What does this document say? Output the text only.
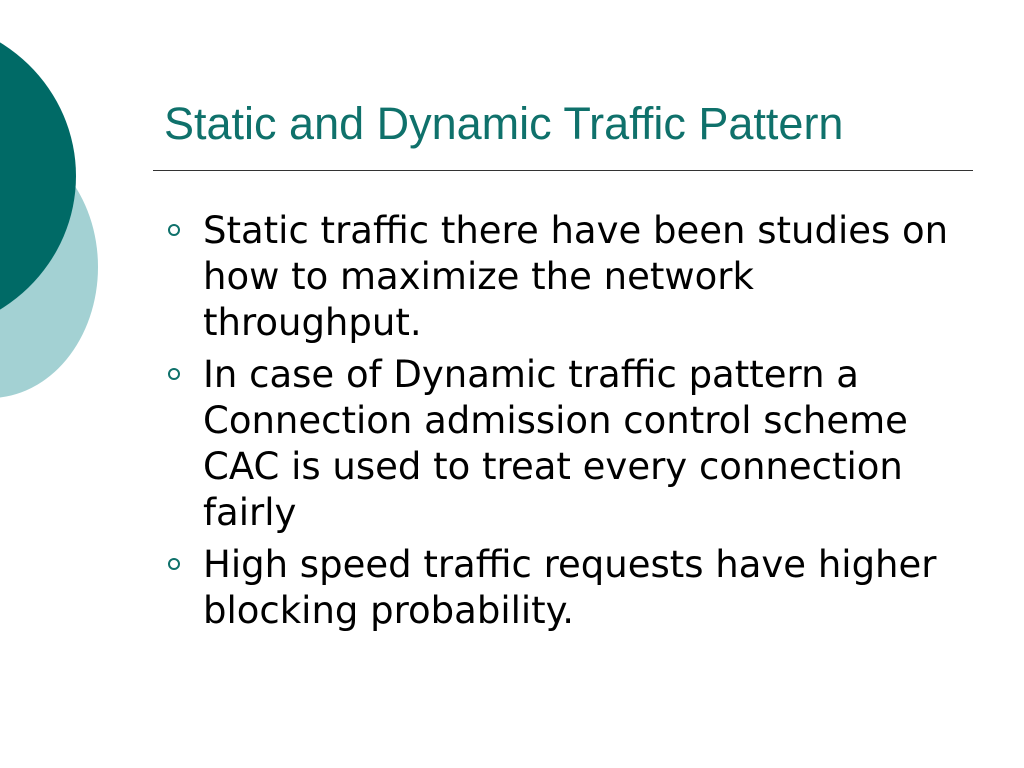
Static and Dynamic Traffic Pattern
Static traffic there have been studies on how to maximize the network throughput.
In case of Dynamic traffic pattern a Connection admission control scheme CAC is used to treat every connection fairly
High speed traffic requests have higher blocking probability.
